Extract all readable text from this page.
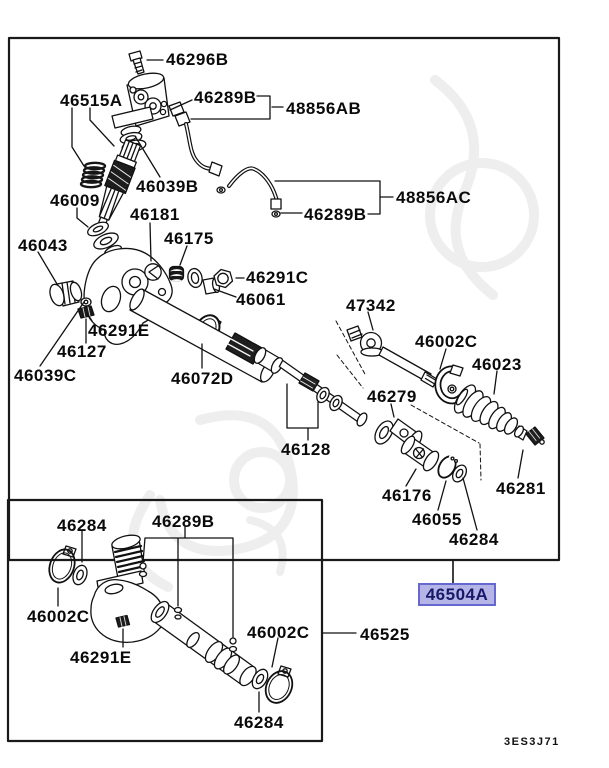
46296B
46515A	46289B
48856AB
46039B
46009
46181
46175
48856AC
46289B
46043
46291C
46061
46291E
46127
46039C	46072D
47342
46002C
46023
46279
46128
46176
46055
46284
46281
46284	46289B
46002C
46291E
46002C
46284
46525
46504A
3ES3J71
